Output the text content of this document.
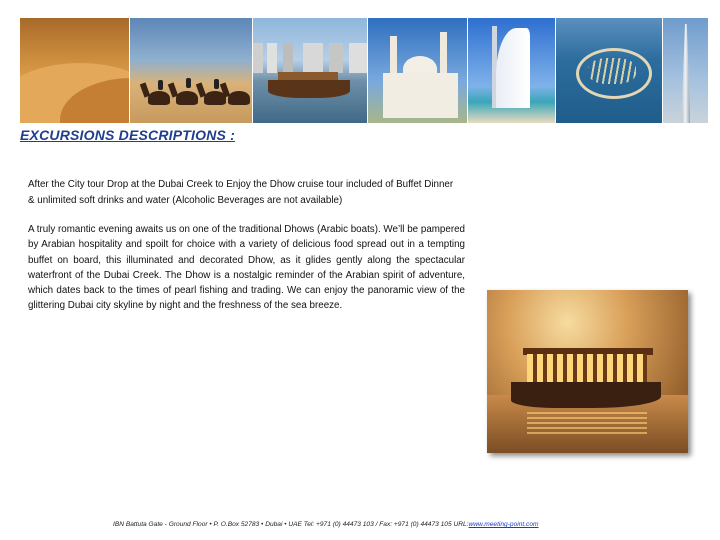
EXCURSIONS DESCRIPTIONS :

After the City tour Drop at the Dubai Creek to Enjoy the Dhow cruise tour included of Buffet Dinner & unlimited soft drinks and water (Alcoholic Beverages are not available)

A truly romantic evening awaits us on one of the traditional Dhows (Arabic boats). We’ll be pampered by Arabian hospitality and spoilt for choice with a variety of delicious food spread out in a tempting buffet on board, this illuminated and decorated Dhow, as it glides gently along the spectacular waterfront of the Dubai Creek. The Dhow is a nostalgic reminder of the Arabian spirit of adventure, which dates back to the times of pearl fishing and trading. We can enjoy the panoramic view of the glittering Dubai city skyline by night and the freshness of the sea breeze.

IBN Battuta Gate - Ground Floor • P. O.Box 52783 • Dubai • UAE Tel: +971 (0) 44473 103 / Fax: +971 (0) 44473 105 URL:www.meeting-point.com
